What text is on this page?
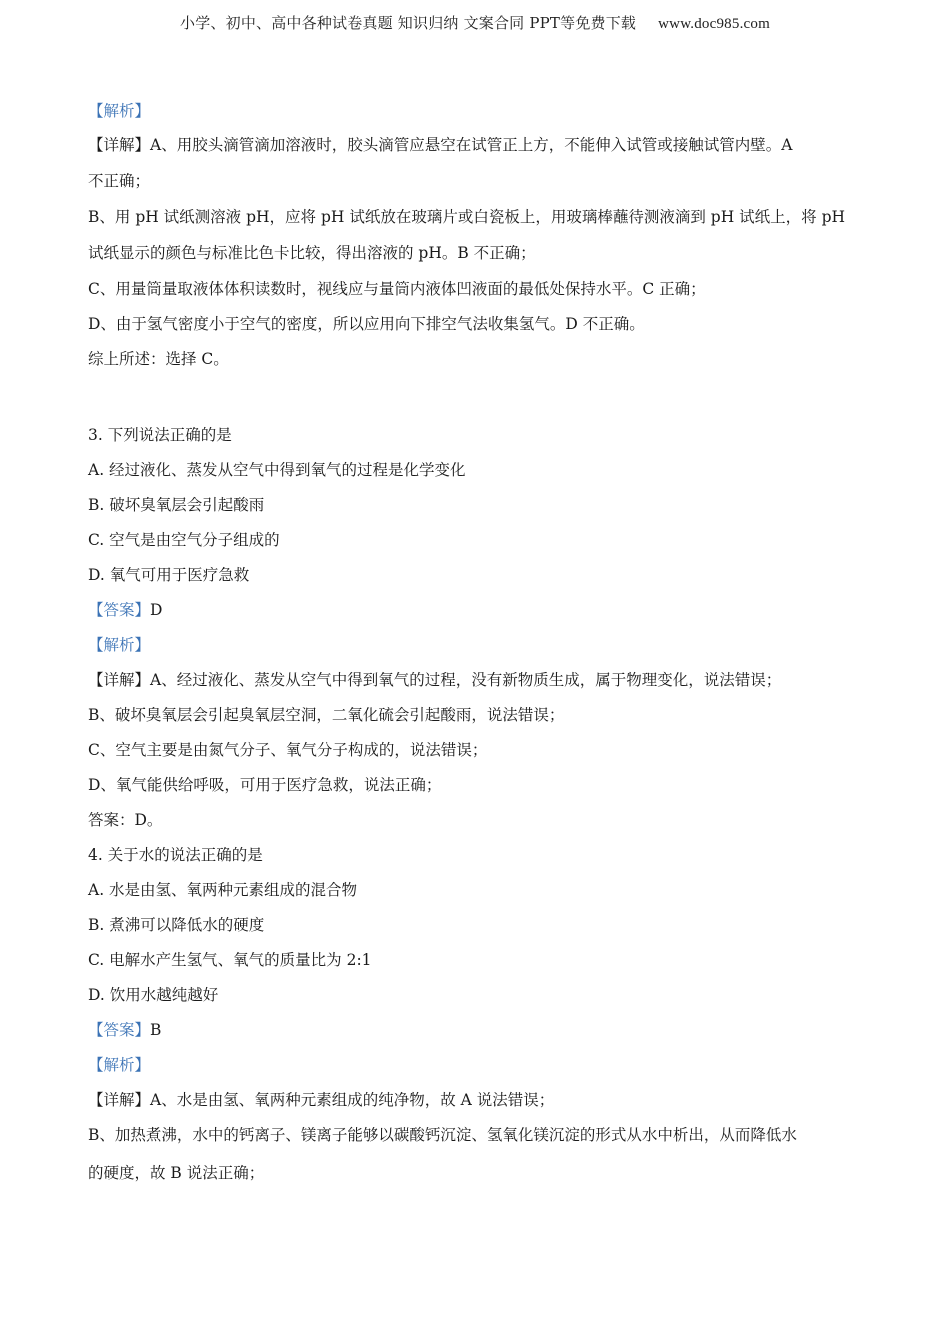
小学、初中、高中各种试卷真题 知识归纳 文案合同 PPT等免费下载 www.doc985.com
【解析】
【详解】A、用胶头滴管滴加溶液时，胶头滴管应悬空在试管正上方，不能伸入试管或接触试管内壁。A
不正确；
B、用 pH 试纸测溶液 pH，应将 pH 试纸放在玻璃片或白瓷板上，用玻璃棒蘸待测液滴到 pH 试纸上，将 pH
试纸显示的颜色与标准比色卡比较，得出溶液的 pH。B 不正确；
C、用量筒量取液体体积读数时，视线应与量筒内液体凹液面的最低处保持水平。C 正确；
D、由于氢气密度小于空气的密度，所以应用向下排空气法收集氢气。D 不正确。
综上所述：选择 C。
3. 下列说法正确的是
A. 经过液化、蒸发从空气中得到氧气的过程是化学变化
B. 破坏臭氧层会引起酸雨
C. 空气是由空气分子组成的
D. 氧气可用于医疗急救
【答案】D
【解析】
【详解】A、经过液化、蒸发从空气中得到氧气的过程，没有新物质生成，属于物理变化，说法错误；
B、破坏臭氧层会引起臭氧层空洞，二氧化硫会引起酸雨，说法错误；
C、空气主要是由氮气分子、氧气分子构成的，说法错误；
D、氧气能供给呼吸，可用于医疗急救，说法正确；
答案：D。
4. 关于水的说法正确的是
A. 水是由氢、氧两种元素组成的混合物
B. 煮沸可以降低水的硬度
C. 电解水产生氢气、氧气的质量比为 2:1
D. 饮用水越纯越好
【答案】B
【解析】
【详解】A、水是由氢、氧两种元素组成的纯净物，故 A 说法错误；
B、加热煮沸，水中的钙离子、镁离子能够以碳酸钙沉淀、氢氧化镁沉淀的形式从水中析出，从而降低水
的硬度，故 B 说法正确；
